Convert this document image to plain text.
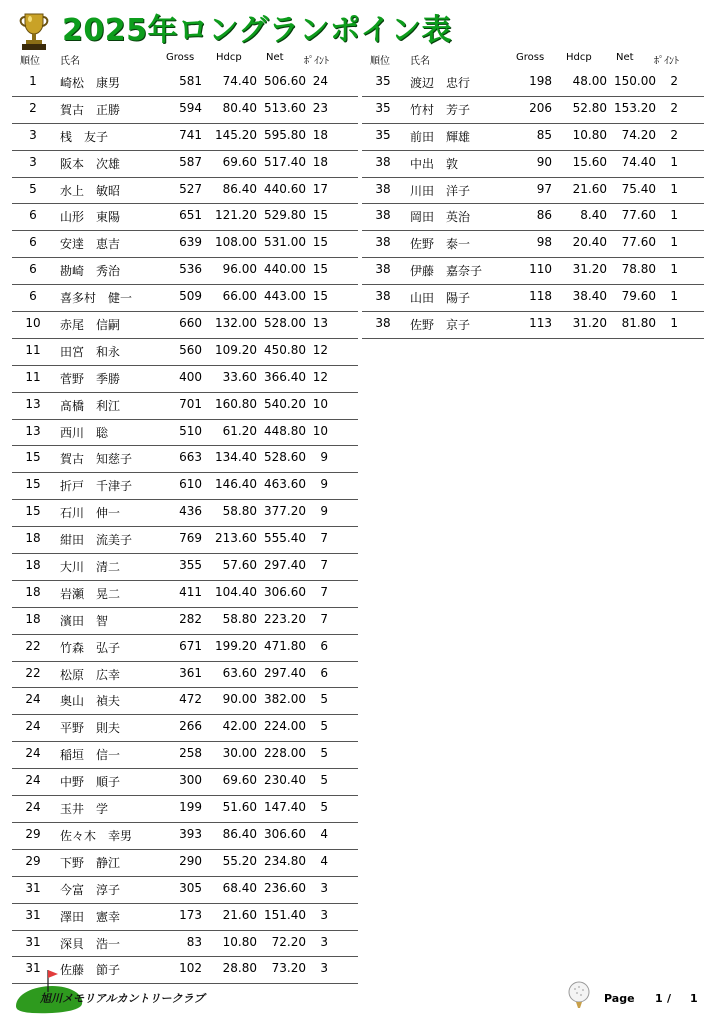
2025年ロングランポイン表
順位 氏名	Gross Hdcp Net ﾎﾟｲﾝﾄ	順位 氏名	Gross Hdcp Net ﾎﾟｲﾝﾄ
1	崎松　康男	581	74.40 506.60 24
2	賀古　正勝	594	80.40 513.60 23
3	桟　友子	741	145.20 595.80 18
3	阪本　次雄	587	69.60 517.40 18
5	水上　敏昭	527	86.40 440.60 17
6	山形　東陽	651	121.20 529.80 15
6	安達　恵吉	639	108.00 531.00 15
6	勘崎　秀治	536	96.00 440.00 15
6	喜多村　健一	509	66.00 443.00 15
10	赤尾　信嗣	660	132.00 528.00 13
11	田宮　和永	560	109.20 450.80 12
11	菅野　季勝	400	33.60 366.40 12
13	髙橋　利江	701	160.80 540.20 10
13	西川　聡	510	61.20 448.80 10
15	賀古　知慈子	663	134.40 528.60	9
15	折戸　千津子	610	146.40 463.60	9
15	石川　伸一	436	58.80 377.20	9
18	紺田　流美子	769	213.60 555.40	7
18	大川　清二	355	57.60 297.40	7
18	岩瀬　晃二	411	104.40 306.60	7
18	濱田　智	282	58.80 223.20	7
22	竹森　弘子	671	199.20 471.80	6
22	松原　広幸	361	63.60 297.40	6
24	奥山　禎夫	472	90.00 382.00	5
24	平野　則夫	266	42.00 224.00	5
24	稲垣　信一	258	30.00 228.00	5
24	中野　順子	300	69.60 230.40	5
24	玉井　学	199	51.60 147.40	5
29	佐々木　幸男	393	86.40 306.60	4
29	下野　静江	290	55.20 234.80	4
31	今富　淳子	305	68.40 236.60	3
31	澤田　憲幸	173	21.60 151.40	3
31	深貝　浩一	83	10.80	72.20	3
31	佐藤　節子	102	28.80	73.20	3
35	渡辺　忠行	198	48.00 150.00	2
35	竹村　芳子	206	52.80 153.20	2
35	前田　輝雄	85	10.80	74.20	2
38	中出　敦	90	15.60	74.40	1
38	川田　洋子	97	21.60	75.40	1
38	岡田　英治	86	8.40	77.60	1
38	佐野　泰一	98	20.40	77.60	1
38	伊藤　嘉奈子	110	31.20	78.80	1
38	山田　陽子	118	38.40	79.60	1
38	佐野　京子	113	31.20	81.80	1
旭川メモリアルカントリークラブ	Page 1 / 1
